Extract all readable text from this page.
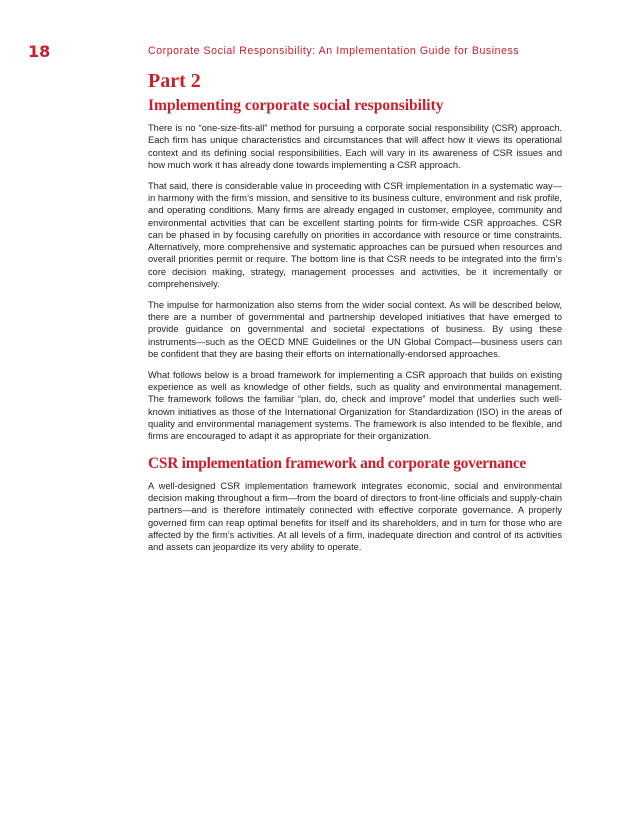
18	Corporate Social Responsibility: An Implementation Guide for Business
Part 2
Implementing corporate social responsibility

There is no “one-size-fits-all” method for pursuing a corporate social responsibility (CSR) approach. Each firm has unique characteristics and circumstances that will affect how it views its operational context and its defining social responsibilities. Each will vary in its awareness of CSR issues and how much work it has already done towards implementing a CSR approach.

That said, there is considerable value in proceeding with CSR implementation in a systematic way—in harmony with the firm’s mission, and sensitive to its business culture, environment and risk profile, and operating conditions. Many firms are already engaged in customer, employee, community and environmental activities that can be excellent starting points for firm-wide CSR approaches. CSR can be phased in by focusing carefully on priorities in accordance with resource or time constraints. Alternatively, more comprehensive and systematic approaches can be pursued when resources and overall priorities permit or require. The bottom line is that CSR needs to be integrated into the firm’s core decision making, strategy, management processes and activities, be it incrementally or comprehensively.

The impulse for harmonization also stems from the wider social context. As will be described below, there are a number of governmental and partnership developed initiatives that have emerged to provide guidance on governmental and societal expectations of business. By using these instruments—such as the OECD MNE Guidelines or the UN Global Compact—business users can be confident that they are basing their efforts on internationally-endorsed approaches.

What follows below is a broad framework for implementing a CSR approach that builds on existing experience as well as knowledge of other fields, such as quality and environmental management. The framework follows the familiar “plan, do, check and improve” model that underlies such well-known initiatives as those of the International Organization for Standardization (ISO) in the areas of quality and environmental management systems. The framework is also intended to be flexible, and firms are encouraged to adapt it as appropriate for their organization.

CSR implementation framework and corporate governance

A well-designed CSR implementation framework integrates economic, social and environmental decision making throughout a firm—from the board of directors to front-line officials and supply-chain partners—and is therefore intimately connected with effective corporate governance. A properly governed firm can reap optimal benefits for itself and its shareholders, and in turn for those who are affected by the firm’s activities. At all levels of a firm, inadequate direction and control of its activities and assets can jeopardize its very ability to operate.
